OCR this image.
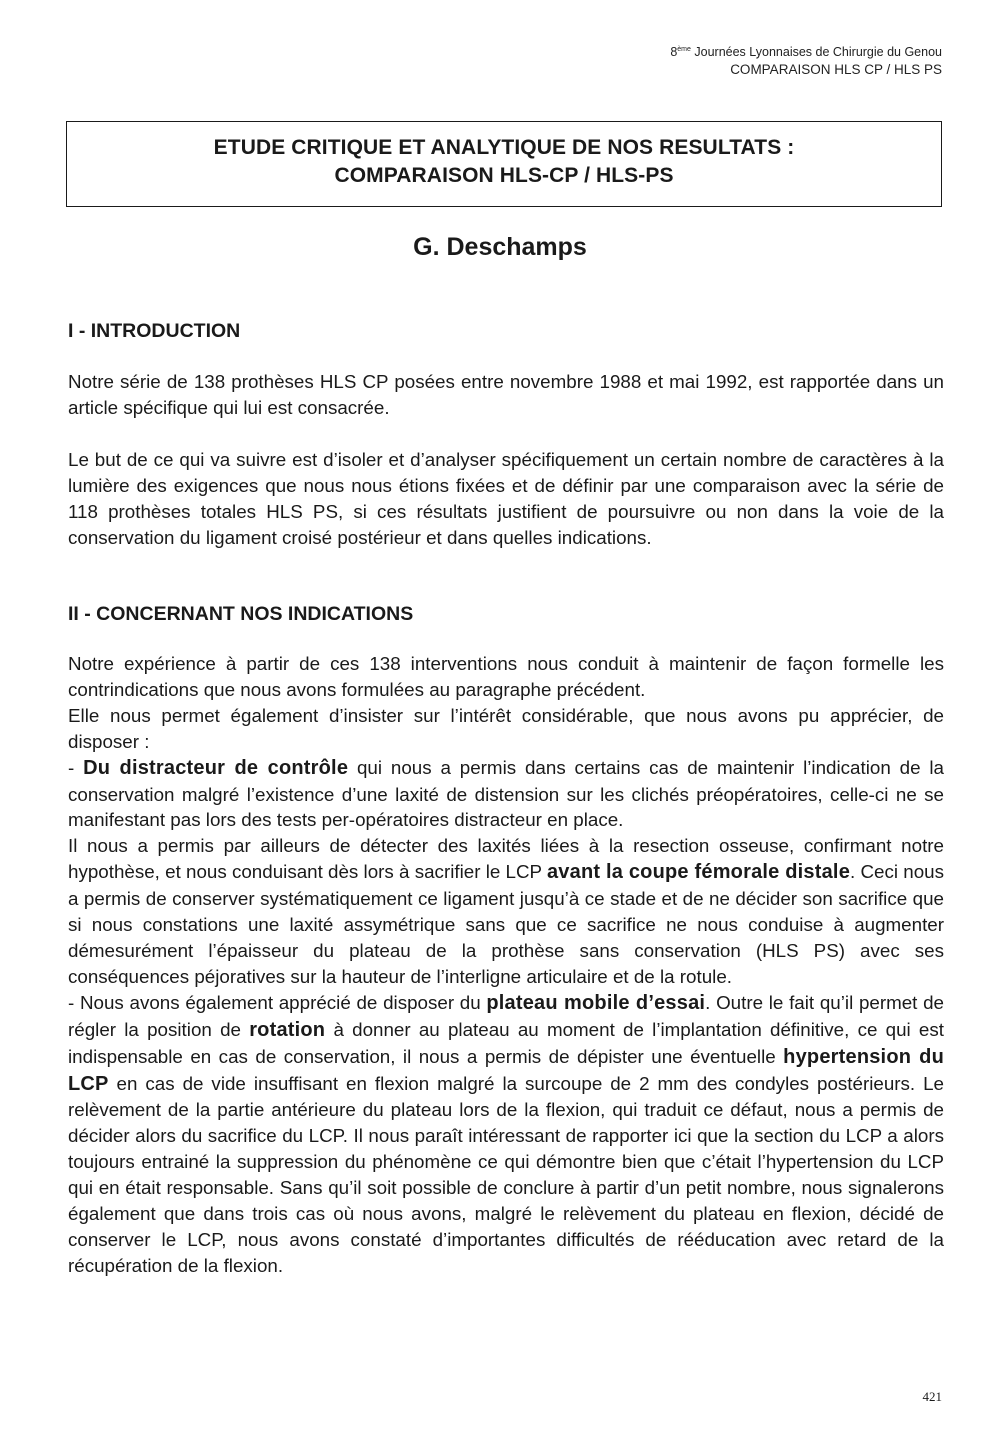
8ème Journées Lyonnaises de Chirurgie du Genou
COMPARAISON HLS CP / HLS PS
ETUDE CRITIQUE ET ANALYTIQUE DE NOS RESULTATS :
COMPARAISON HLS-CP / HLS-PS
G. Deschamps
I - INTRODUCTION

Notre série de 138 prothèses HLS CP posées entre novembre 1988 et mai 1992, est rapportée dans un article spécifique qui lui est consacrée.

Le but de ce qui va suivre est d’isoler et d’analyser spécifiquement un certain nombre de caractères à la lumière des exigences que nous nous étions fixées et de définir par une comparaison avec la série de 118 prothèses totales HLS PS, si ces résultats justifient de poursuivre ou non dans la voie de la conservation du ligament croisé postérieur et dans quelles indications.

II - CONCERNANT NOS INDICATIONS

Notre expérience à partir de ces 138 interventions nous conduit à maintenir de façon formelle les contrindications que nous avons formulées au paragraphe précédent.

Elle nous permet également d’insister sur l’intérêt considérable, que nous avons pu apprécier, de disposer :

- Du distracteur de contrôle qui nous a permis dans certains cas de maintenir l’indication de la conservation malgré l’existence d’une laxité de distension sur les clichés préopératoires, celle-ci ne se manifestant pas lors des tests per-opératoires distracteur en place.

Il nous a permis par ailleurs de détecter des laxités liées à la resection osseuse, confirmant notre hypothèse, et nous conduisant dès lors à sacrifier le LCP avant la coupe fémorale distale. Ceci nous a permis de conserver systématiquement ce ligament jusqu’à ce stade et de ne décider son sacrifice que si nous constations une laxité assymétrique sans que ce sacrifice ne nous conduise à augmenter démesurément l’épaisseur du plateau de la prothèse sans conservation (HLS PS) avec ses conséquences péjoratives sur la hauteur de l’interligne articulaire et de la rotule.

- Nous avons également apprécié de disposer du plateau mobile d’essai. Outre le fait qu’il permet de régler la position de rotation à donner au plateau au moment de l’implantation définitive, ce qui est indispensable en cas de conservation, il nous a permis de dépister une éventuelle hypertension du LCP en cas de vide insuffisant en flexion malgré la surcoupe de 2 mm des condyles postérieurs. Le relèvement de la partie antérieure du plateau lors de la flexion, qui traduit ce défaut, nous a permis de décider alors du sacrifice du LCP. Il nous paraît intéressant de rapporter ici que la section du LCP a alors toujours entrainé la suppression du phénomène ce qui démontre bien que c’était l’hypertension du LCP qui en était responsable. Sans qu’il soit possible de conclure à partir d’un petit nombre, nous signalerons également que dans trois cas où nous avons, malgré le relèvement du plateau en flexion, décidé de conserver le LCP, nous avons constaté d’importantes difficultés de rééducation avec retard de la récupération de la flexion.

421
